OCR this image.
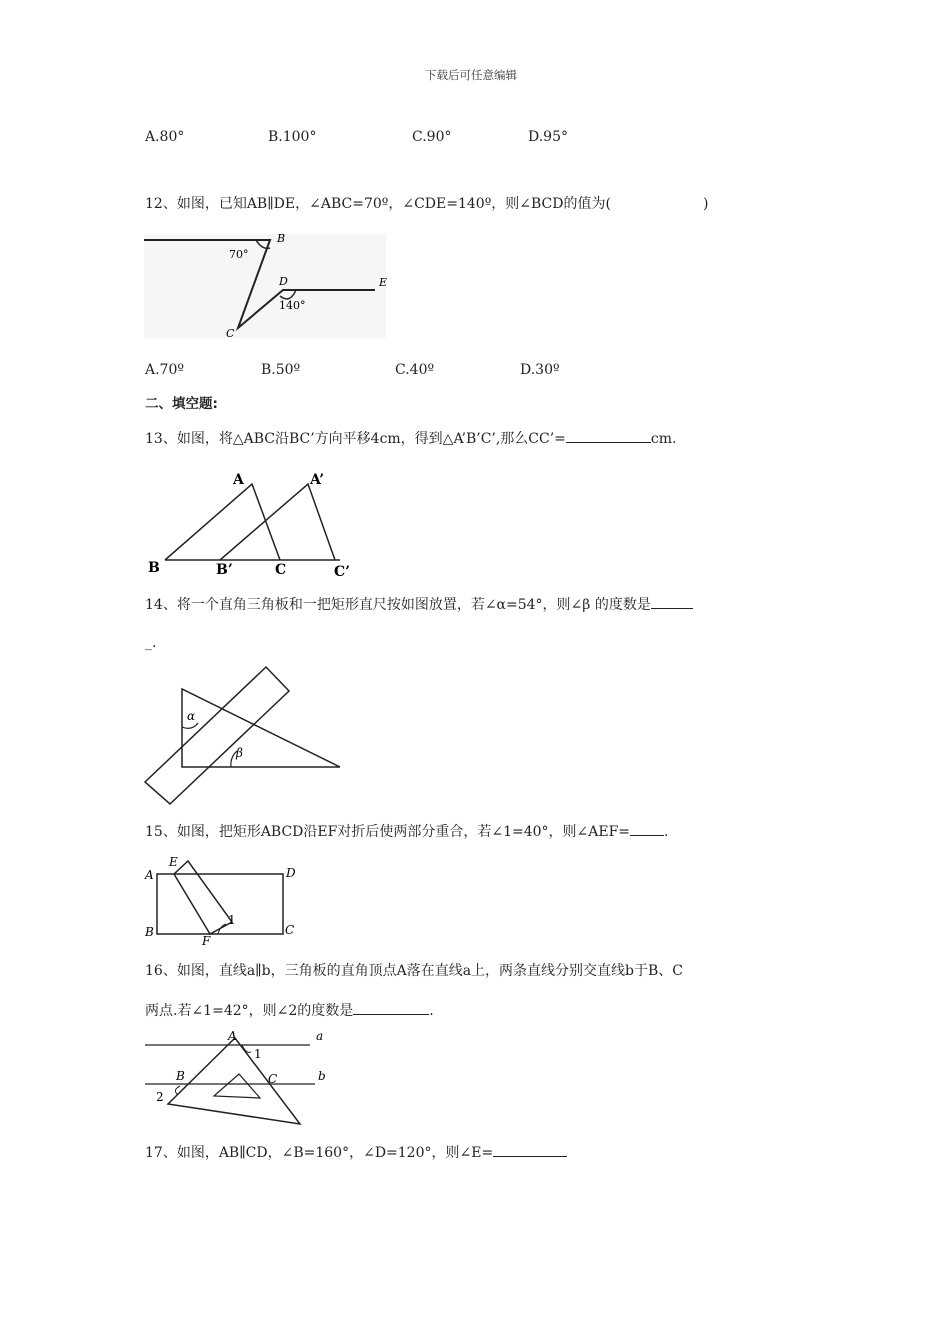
下载后可任意编辑
A.80°	B.100°	C.90°	D.95°
12、如图，已知AB∥DE，∠ABC=70º，∠CDE=140º，则∠BCD的值为(	)
B
70°
D	E
140°
C
A.70º	B.50º	C.40º	D.30º
二、填空题:
13、如图，将△ABC沿BC’方向平移4cm，得到△A’B’C’,那么CC’=	cm.
A	A’
B	B’	C	C’
14、将一个直角三角板和一把矩形直尺按如图放置，若∠α=54°，则∠β 的度数是
_.
α
β
15、如图，把矩形ABCD沿EF对折后使两部分重合，若∠1=40°，则∠AEF= .
A
E
D
B
F
1
C
16、如图，直线a∥b，三角板的直角顶点A落在直线a上，两条直线分别交直线b于B、C
两点.若∠1=42°，则∠2的度数是	.
A
1
a
B	C	b
2
17、如图，AB∥CD，∠B=160°，∠D=120°，则∠E=
